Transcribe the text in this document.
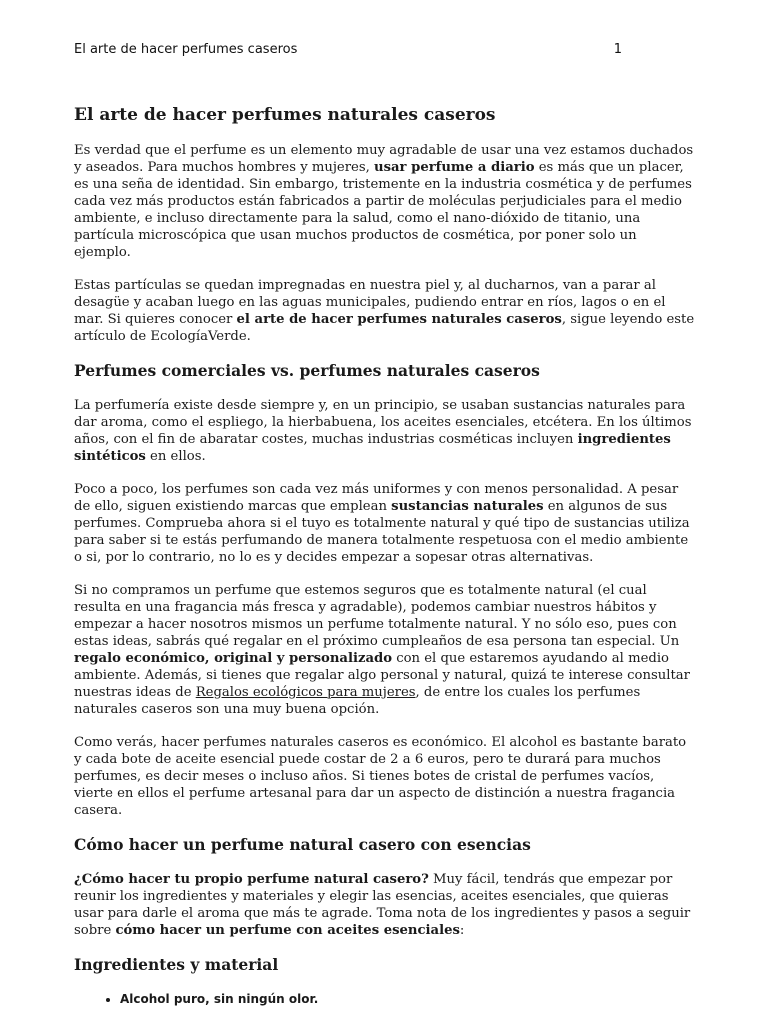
El arte de hacer perfumes caseros	1
El arte de hacer perfumes naturales caseros

Es verdad que el perfume es un elemento muy agradable de usar una vez estamos duchados y aseados. Para muchos hombres y mujeres, usar perfume a diario es más que un placer, es una seña de identidad. Sin embargo, tristemente en la industria cosmética y de perfumes cada vez más productos están fabricados a partir de moléculas perjudiciales para el medio ambiente, e incluso directamente para la salud, como el nano-dióxido de titanio, una partícula microscópica que usan muchos productos de cosmética, por poner solo un ejemplo.

Estas partículas se quedan impregnadas en nuestra piel y, al ducharnos, van a parar al desagüe y acaban luego en las aguas municipales, pudiendo entrar en ríos, lagos o en el mar. Si quieres conocer el arte de hacer perfumes naturales caseros, sigue leyendo este artículo de EcologíaVerde.

Perfumes comerciales vs. perfumes naturales caseros

La perfumería existe desde siempre y, en un principio, se usaban sustancias naturales para dar aroma, como el espliego, la hierbabuena, los aceites esenciales, etcétera. En los últimos años, con el fin de abaratar costes, muchas industrias cosméticas incluyen ingredientes sintéticos en ellos.

Poco a poco, los perfumes son cada vez más uniformes y con menos personalidad. A pesar de ello, siguen existiendo marcas que emplean sustancias naturales en algunos de sus perfumes. Comprueba ahora si el tuyo es totalmente natural y qué tipo de sustancias utiliza para saber si te estás perfumando de manera totalmente respetuosa con el medio ambiente o si, por lo contrario, no lo es y decides empezar a sopesar otras alternativas.

Si no compramos un perfume que estemos seguros que es totalmente natural (el cual resulta en una fragancia más fresca y agradable), podemos cambiar nuestros hábitos y empezar a hacer nosotros mismos un perfume totalmente natural. Y no sólo eso, pues con estas ideas, sabrás qué regalar en el próximo cumpleaños de esa persona tan especial. Un regalo económico, original y personalizado con el que estaremos ayudando al medio ambiente. Además, si tienes que regalar algo personal y natural, quizá te interese consultar nuestras ideas de Regalos ecológicos para mujeres, de entre los cuales los perfumes naturales caseros son una muy buena opción.

Como verás, hacer perfumes naturales caseros es económico. El alcohol es bastante barato y cada bote de aceite esencial puede costar de 2 a 6 euros, pero te durará para muchos perfumes, es decir meses o incluso años. Si tienes botes de cristal de perfumes vacíos, vierte en ellos el perfume artesanal para dar un aspecto de distinción a nuestra fragancia casera.

Cómo hacer un perfume natural casero con esencias

¿Cómo hacer tu propio perfume natural casero? Muy fácil, tendrás que empezar por reunir los ingredientes y materiales y elegir las esencias, aceites esenciales, que quieras usar para darle el aroma que más te agrade. Toma nota de los ingredientes y pasos a seguir sobre cómo hacer un perfume con aceites esenciales:

Ingredientes y material
• Alcohol puro, sin ningún olor.
